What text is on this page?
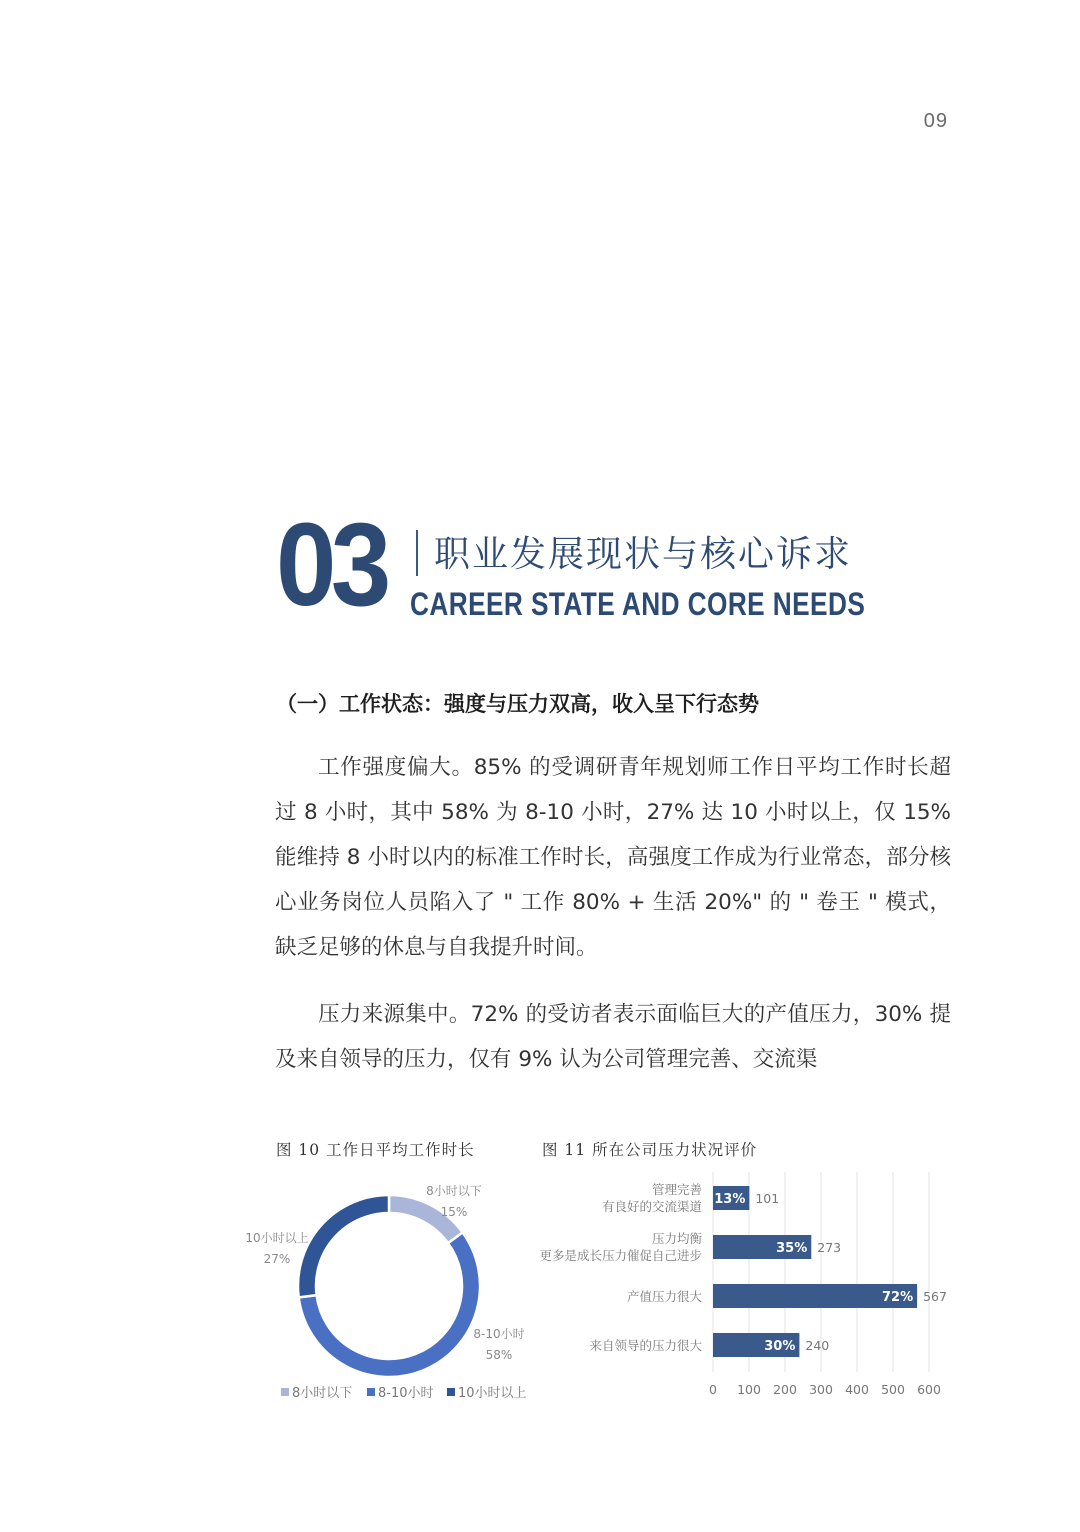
09
03 职业发展现状与核心诉求
CAREER STATE AND CORE NEEDS
（一）工作状态：强度与压力双高，收入呈下行态势

工作强度偏大。85% 的受调研青年规划师工作日平均工作时长超过 8 小时，其中 58% 为 8-10 小时，27% 达 10 小时以上，仅 15% 能维持 8 小时以内的标准工作时长，高强度工作成为行业常态，部分核心业务岗位人员陷入了 " 工作 80% + 生活 20%" 的 " 卷王 " 模式，缺乏足够的休息与自我提升时间。

压力来源集中。72% 的受访者表示面临巨大的产值压力，30% 提及来自领导的压力，仅有 9% 认为公司管理完善、交流渠

图 10 工作日平均工作时长	图 11 所在公司压力状况评价
8小时以下
15%
8-10小时
58%
10小时以上
27%
8小时以下 8-10小时 10小时以上	0 100 200 300 400 500 600
13% 101
管理完善
有良好的交流渠道
35% 273
压力均衡
更多是成长压力催促自己进步
72% 567
产值压力很大
30% 240
来自领导的压力很大
